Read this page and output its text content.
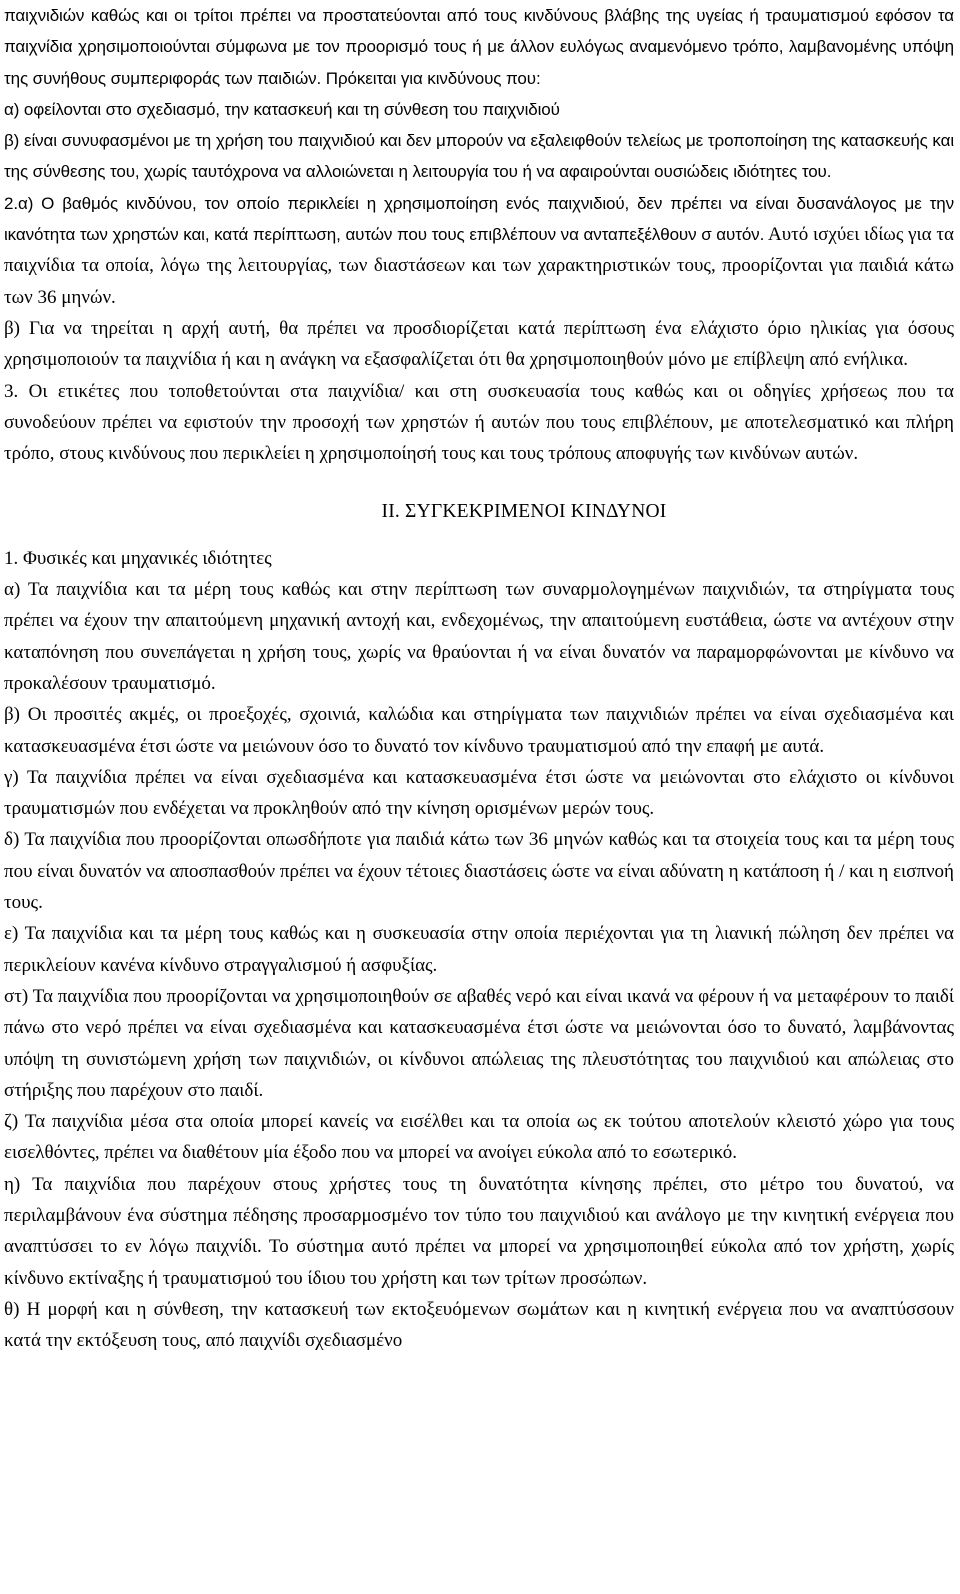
παιχνιδιών καθώς και οι τρίτοι πρέπει να προστατεύονται από τους κινδύνους βλάβης της υγείας ή τραυματισμού εφόσον τα παιχνίδια χρησιμοποιούνται σύμφωνα με τον προορισμό τους ή με άλλον ευλόγως αναμενόμενο τρόπο, λαμβανομένης υπόψη της συνήθους συμπεριφοράς των παιδιών. Πρόκειται για κινδύνους που:

α) οφείλονται στο σχεδιασμό, την κατασκευή και τη σύνθεση του παιχνιδιού

β) είναι συνυφασμένοι με τη χρήση του παιχνιδιού και δεν μπορούν να εξαλειφθούν τελείως με τροποποίηση της κατασκευής και της σύνθεσης του, χωρίς ταυτόχρονα να αλλοιώνεται η λειτουργία του ή να αφαιρούνται ουσιώδεις ιδιότητες του.

2.α) Ο βαθμός κινδύνου, τον οποίο περικλείει η χρησιμοποίηση ενός παιχνιδιού, δεν πρέπει να είναι δυσανάλογος με την ικανότητα των χρηστών και, κατά περίπτωση, αυτών που τους επιβλέπουν να ανταπεξέλθουν σ αυτόν. Αυτό ισχύει ιδίως για τα παιχνίδια τα οποία, λόγω της λειτουργίας, των διαστάσεων και των χαρακτηριστικών τους, προορίζονται για παιδιά κάτω των 36 μηνών.

β) Για να τηρείται η αρχή αυτή, θα πρέπει να προσδιορίζεται κατά περίπτωση ένα ελάχιστο όριο ηλικίας για όσους χρησιμοποιούν τα παιχνίδια ή και η ανάγκη να εξασφαλίζεται ότι θα χρησιμοποιηθούν μόνο με επίβλεψη από ενήλικα.

3. Οι ετικέτες που τοποθετούνται στα παιχνίδια/ και στη συσκευασία τους καθώς και οι οδηγίες χρήσεως που τα συνοδεύουν πρέπει να εφιστούν την προσοχή των χρηστών ή αυτών που τους επιβλέπουν, με αποτελεσματικό και πλήρη τρόπο, στους κινδύνους που περικλείει η χρησιμοποίησή τους και τους τρόπους αποφυγής των κινδύνων αυτών.

II. ΣΥΓΚΕΚΡΙΜΕΝΟΙ ΚΙΝΔΥΝΟΙ

1. Φυσικές και μηχανικές ιδιότητες

α) Τα παιχνίδια και τα μέρη τους καθώς και στην περίπτωση των συναρμολογημένων παιχνιδιών, τα στηρίγματα τους πρέπει να έχουν την απαιτούμενη μηχανική αντοχή και, ενδεχομένως, την απαιτούμενη ευστάθεια, ώστε να αντέχουν στην καταπόνηση που συνεπάγεται η χρήση τους, χωρίς να θραύονται ή να είναι δυνατόν να παραμορφώνονται με κίνδυνο να προκαλέσουν τραυματισμό.

β) Οι προσιτές ακμές, οι προεξοχές, σχοινιά, καλώδια και στηρίγματα των παιχνιδιών πρέπει να είναι σχεδιασμένα και κατασκευασμένα έτσι ώστε να μειώνουν όσο το δυνατό τον κίνδυνο τραυματισμού από την επαφή με αυτά.

γ) Τα παιχνίδια πρέπει να είναι σχεδιασμένα και κατασκευασμένα έτσι ώστε να μειώνονται στο ελάχιστο οι κίνδυνοι τραυματισμών που ενδέχεται να προκληθούν από την κίνηση ορισμένων μερών τους.

δ) Τα παιχνίδια που προορίζονται οπωσδήποτε για παιδιά κάτω των 36 μηνών καθώς και τα στοιχεία τους και τα μέρη τους που είναι δυνατόν να αποσπασθούν πρέπει να έχουν τέτοιες διαστάσεις ώστε να είναι αδύνατη η κατάποση ή / και η εισπνοή τους.

ε) Τα παιχνίδια και τα μέρη τους καθώς και η συσκευασία στην οποία περιέχονται για τη λιανική πώληση δεν πρέπει να περικλείουν κανένα κίνδυνο στραγγαλισμού ή ασφυξίας.

στ) Τα παιχνίδια που προορίζονται να χρησιμοποιηθούν σε αβαθές νερό και είναι ικανά να φέρουν ή να μεταφέρουν το παιδί πάνω στο νερό πρέπει να είναι σχεδιασμένα και κατασκευασμένα έτσι ώστε να μειώνονται όσο το δυνατό, λαμβάνοντας υπόψη τη συνιστώμενη χρήση των παιχνιδιών, οι κίνδυνοι απώλειας της πλευστότητας του παιχνιδιού και απώλειας στο στήριξης που παρέχουν στο παιδί.

ζ) Τα παιχνίδια μέσα στα οποία μπορεί κανείς να εισέλθει και τα οποία ως εκ τούτου αποτελούν κλειστό χώρο για τους εισελθόντες, πρέπει να διαθέτουν μία έξοδο που να μπορεί να ανοίγει εύκολα από το εσωτερικό.

η) Τα παιχνίδια που παρέχουν στους χρήστες τους τη δυνατότητα κίνησης πρέπει, στο μέτρο του δυνατού, να περιλαμβάνουν ένα σύστημα πέδησης προσαρμοσμένο τον τύπο του παιχνιδιού και ανάλογο με την κινητική ενέργεια που αναπτύσσει το εν λόγω παιχνίδι. Το σύστημα αυτό πρέπει να μπορεί να χρησιμοποιηθεί εύκολα από τον χρήστη, χωρίς κίνδυνο εκτίναξης ή τραυματισμού του ίδιου του χρήστη και των τρίτων προσώπων.

θ) Η μορφή και η σύνθεση, την κατασκευή των εκτοξευόμενων σωμάτων και η κινητική ενέργεια που να αναπτύσσουν κατά την εκτόξευση τους, από παιχνίδι σχεδιασμένο
